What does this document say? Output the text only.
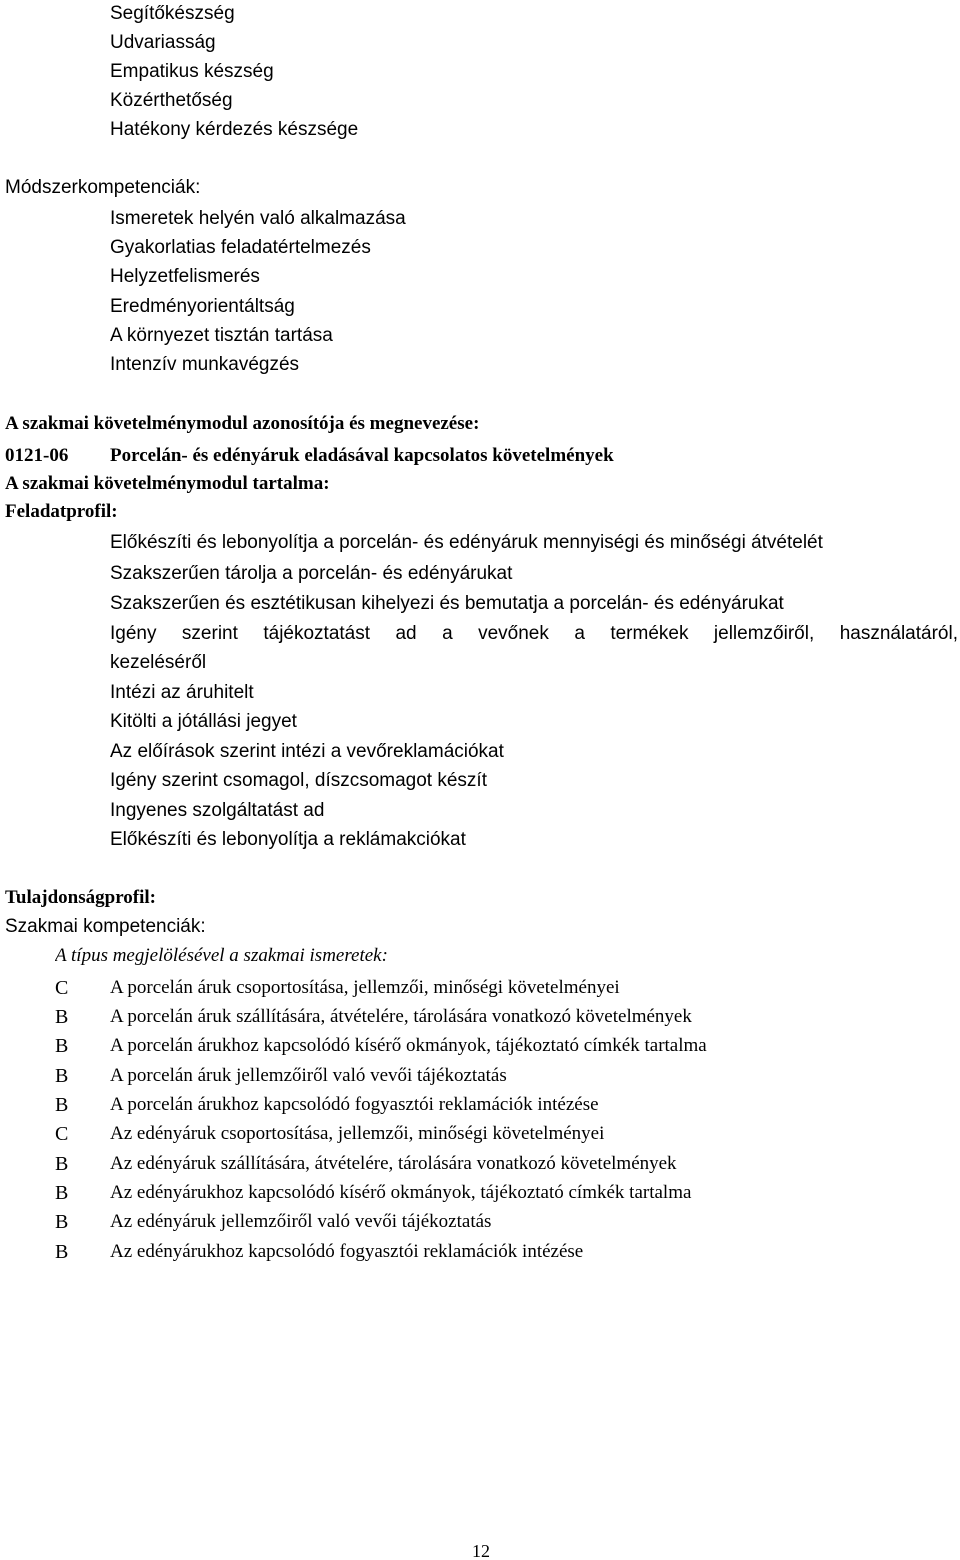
Segítőkészség
Udvariasság
Empatikus készség
Közérthetőség
Hatékony kérdezés készsége
Módszerkompetenciák:
Ismeretek helyén való alkalmazása
Gyakorlatias feladatértelmezés
Helyzetfelismerés
Eredményorientáltság
A környezet tisztán tartása
Intenzív munkavégzés
A szakmai követelménymodul azonosítója és megnevezése:
0121-06	Porcelán- és edényáruk eladásával kapcsolatos követelmények
A szakmai követelménymodul tartalma:
Feladatprofil:
Előkészíti és lebonyolítja a porcelán- és edényáruk mennyiségi és minőségi átvételét
Szakszerűen tárolja a porcelán- és edényárukat
Szakszerűen és esztétikusan kihelyezi és bemutatja a porcelán- és edényárukat
Igény szerint tájékoztatást ad a vevőnek a termékek jellemzőiről, használatáról,
kezeléséről
Intézi az áruhitelt
Kitölti a jótállási jegyet
Az előírások szerint intézi a vevőreklamációkat
Igény szerint csomagol, díszcsomagot készít
Ingyenes szolgáltatást ad
Előkészíti és lebonyolítja a reklámakciókat
Tulajdonságprofil:
Szakmai kompetenciák:
A típus megjelölésével a szakmai ismeretek:
C A porcelán áruk csoportosítása, jellemzői, minőségi követelményei
B A porcelán áruk szállítására, átvételére, tárolására vonatkozó követelmények
B A porcelán árukhoz kapcsolódó kísérő okmányok, tájékoztató címkék tartalma
B A porcelán áruk jellemzőiről való vevői tájékoztatás
B A porcelán árukhoz kapcsolódó fogyasztói reklamációk intézése
C Az edényáruk csoportosítása, jellemzői, minőségi követelményei
B Az edényáruk szállítására, átvételére, tárolására vonatkozó követelmények
B Az edényárukhoz kapcsolódó kísérő okmányok, tájékoztató címkék tartalma
B Az edényáruk jellemzőiről való vevői tájékoztatás
B Az edényárukhoz kapcsolódó fogyasztói reklamációk intézése
12
